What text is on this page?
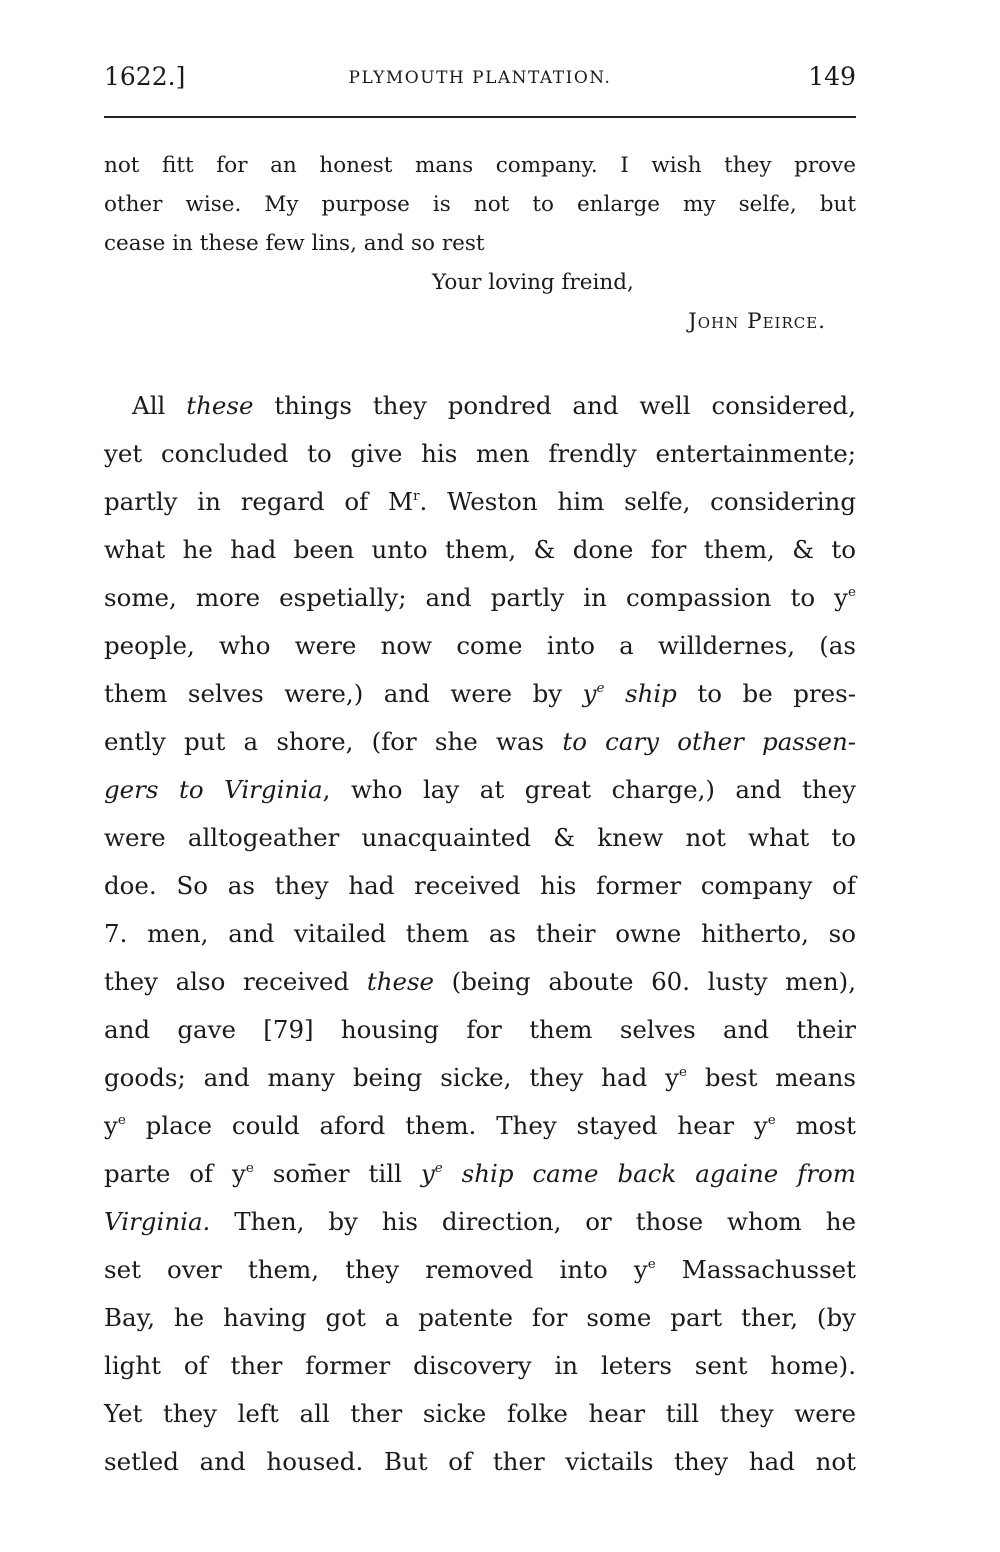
1622.]	PLYMOUTH PLANTATION.	149
not fitt for an honest mans company. I wish they prove
other wise. My purpose is not to enlarge my selfe, but
cease in these few lins, and so rest
Your loving freind,
John Peirce.
All these things they pondred and well considered,
yet concluded to give his men frendly entertainmente;
partly in regard of $M^r$. Weston him selfe, considering
what he had been unto them, & done for them, & to
some, more espetially; and partly in compassion to $y^e$
people, who were now come into a willdernes, (as
them selves were,) and were by $y^e$ ship to be pres-
ently put a shore, (for she was to cary other passen-
gers to Virginia, who lay at great charge,) and they
were alltogeather unacquainted & knew not what to
doe. So as they had received his former company of
7. men, and vitailed them as their owne hitherto, so
they also received these (being aboute 60. lusty men),
and gave [79] housing for them selves and their
goods; and many being sicke, they had $y^e$ best means
$y^e$ place could aford them. They stayed hear $y^e$ most
parte of $y^e$ som̄er till $y^e$ ship came back againe from
Virginia. Then, by his direction, or those whom he
set over them, they removed into $y^e$ Massachusset
Bay, he having got a patente for some part ther, (by
light of ther former discovery in leters sent home).
Yet they left all ther sicke folke hear till they were
setled and housed. But of ther victails they had not
